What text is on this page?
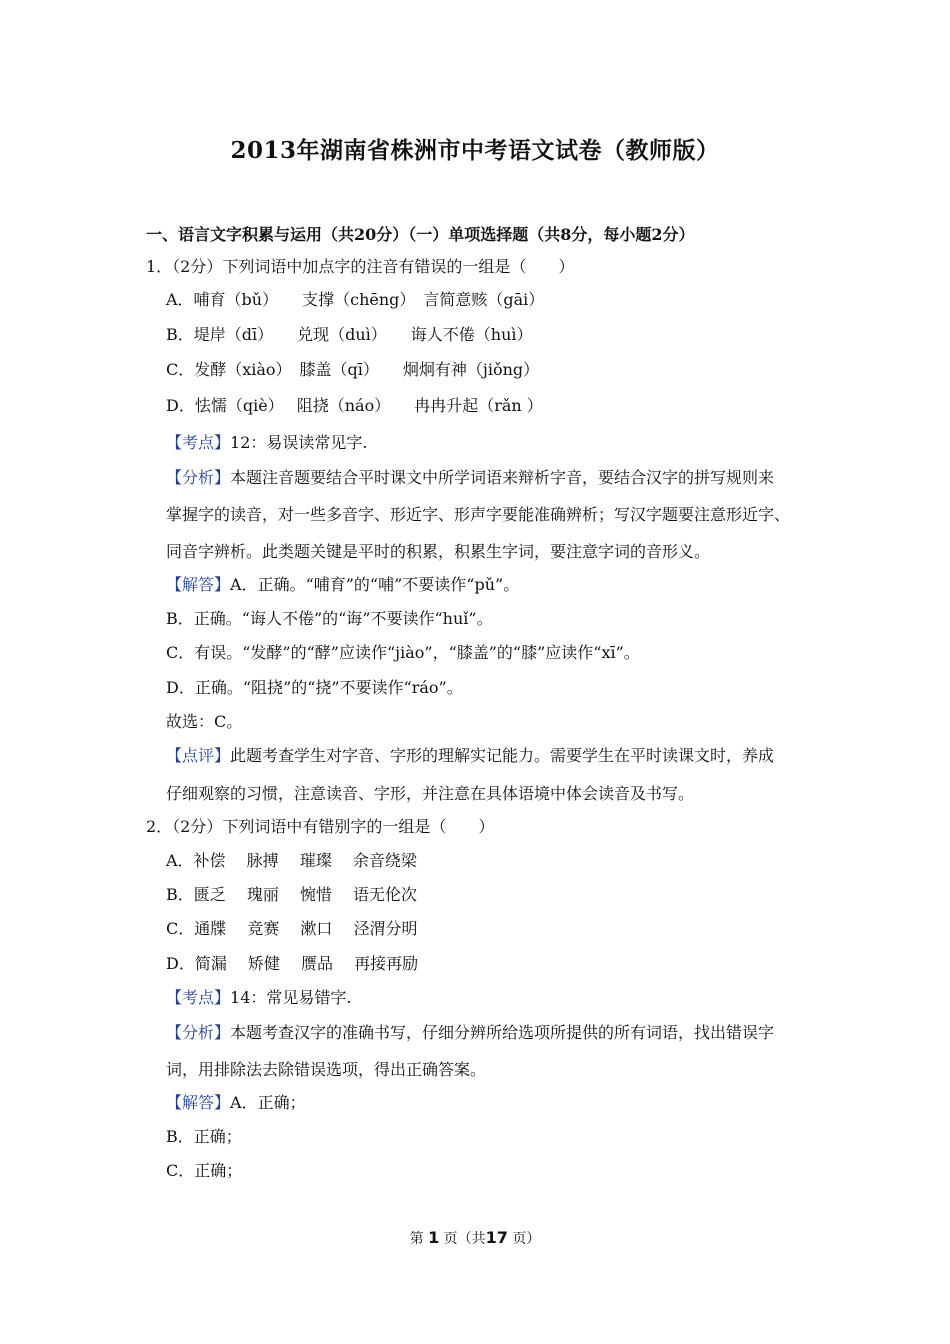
2013年湖南省株洲市中考语文试卷（教师版）
一、语言文字积累与运用（共20分）（一）单项选择题（共8分，每小题2分）
1．（2分）下列词语中加点字的注音有错误的一组是（　　）
A．哺育（bǔ）　　支撑（chēng）　言简意赅（gāi）
B．堤岸（dī）　　兑现（duì）　　诲人不倦（huì）
C．发酵（xiào）　膝盖（qī）　　炯炯有神（jiǒng）
D．怯懦（qiè）　 阻挠（náo）　　冉冉升起（rǎn ）
【考点】12：易误读常见字.
【分析】本题注音题要结合平时课文中所学词语来辩析字音，要结合汉字的拼写规则来
掌握字的读音，对一些多音字、形近字、形声字要能准确辨析；写汉字题要注意形近字、
同音字辨析。此类题关键是平时的积累，积累生字词，要注意字词的音形义。
【解答】A．正确。“哺育”的“哺”不要读作“pǔ”。
B．正确。“诲人不倦”的“诲”不要读作“huǐ”。
C．有误。“发酵”的“酵”应读作“jiào”，“膝盖”的“膝”应读作“xī”。
D．正确。“阻挠”的“挠”不要读作“ráo”。
故选：C。
【点评】此题考查学生对字音、字形的理解实记能力。需要学生在平时读课文时，养成
仔细观察的习惯，注意读音、字形，并注意在具体语境中体会读音及书写。
2．（2分）下列词语中有错别字的一组是（　　）
A．补偿　 脉搏　 璀璨　 余音绕梁
B．匮乏　 瑰丽　 惋惜　 语无伦次
C．通牒　 竞赛　 漱口　 泾渭分明
D．简漏　 矫健　 赝品　 再接再励
【考点】14：常见易错字.
【分析】本题考查汉字的准确书写，仔细分辨所给选项所提供的所有词语，找出错误字
词，用排除法去除错误选项，得出正确答案。
【解答】A．正确；
B．正确；
C．正确；
第 1 页（共17 页）
